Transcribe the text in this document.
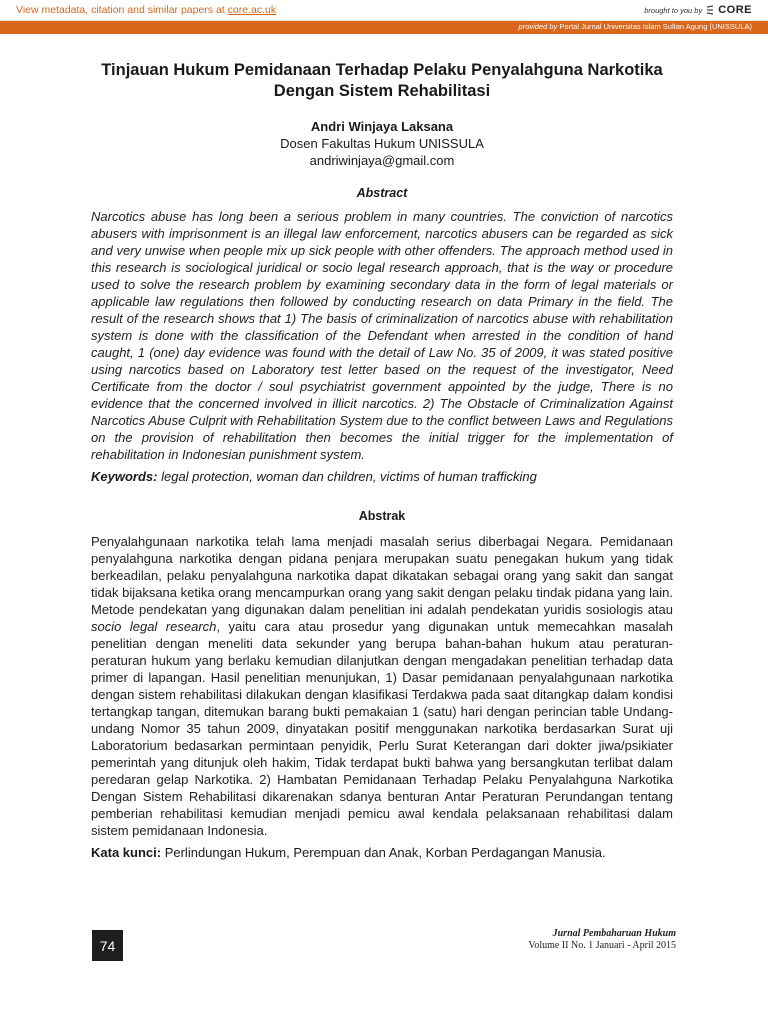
View metadata, citation and similar papers at core.ac.uk	brought to you by CORE
provided by Portal Jurnal Universitas Islam Sultan Agung (UNISSULA)
Tinjauan Hukum Pemidanaan Terhadap Pelaku Penyalahguna Narkotika Dengan Sistem Rehabilitasi
Andri Winjaya Laksana
Dosen Fakultas Hukum UNISSULA
andriwinjaya@gmail.com
Abstract
Narcotics abuse has long been a serious problem in many countries. The conviction of narcotics abusers with imprisonment is an illegal law enforcement, narcotics abusers can be regarded as sick and very unwise when people mix up sick people with other offenders. The approach method used in this research is sociological juridical or socio legal research approach, that is the way or procedure used to solve the research problem by examining secondary data in the form of legal materials or applicable law regulations then followed by conducting research on data Primary in the field. The result of the research shows that 1) The basis of criminalization of narcotics abuse with rehabilitation system is done with the classification of the Defendant when arrested in the condition of hand caught, 1 (one) day evidence was found with the detail of Law No. 35 of 2009, it was stated positive using narcotics based on Laboratory test letter based on the request of the investigator, Need Certificate from the doctor / soul psychiatrist government appointed by the judge, There is no evidence that the concerned involved in illicit narcotics. 2) The Obstacle of Criminalization Against Narcotics Abuse Culprit with Rehabilitation System due to the conflict between Laws and Regulations on the provision of rehabilitation then becomes the initial trigger for the implementation of rehabilitation in Indonesian punishment system.
Keywords: legal protection, woman dan children, victims of human trafficking
Abstrak
Penyalahgunaan narkotika telah lama menjadi masalah serius diberbagai Negara. Pemidanaan penyalahguna narkotika dengan pidana penjara merupakan suatu penegakan hukum yang tidak berkeadilan, pelaku penyalahguna narkotika dapat dikatakan sebagai orang yang sakit dan sangat tidak bijaksana ketika orang mencampurkan orang yang sakit dengan pelaku tindak pidana yang lain. Metode pendekatan yang digunakan dalam penelitian ini adalah pendekatan yuridis sosiologis atau socio legal research, yaitu cara atau prosedur yang digunakan untuk memecahkan masalah penelitian dengan meneliti data sekunder yang berupa bahan-bahan hukum atau peraturan-peraturan hukum yang berlaku kemudian dilanjutkan dengan mengadakan penelitian terhadap data primer di lapangan. Hasil penelitian menunjukan, 1) Dasar pemidanaan penyalahgunaan narkotika dengan sistem rehabilitasi dilakukan dengan klasifikasi Terdakwa pada saat ditangkap dalam kondisi tertangkap tangan, ditemukan barang bukti pemakaian 1 (satu) hari dengan perincian table Undang-undang Nomor 35 tahun 2009, dinyatakan positif menggunakan narkotika berdasarkan Surat uji Laboratorium bedasarkan permintaan penyidik, Perlu Surat Keterangan dari dokter jiwa/psikiater pemerintah yang ditunjuk oleh hakim, Tidak terdapat bukti bahwa yang bersangkutan terlibat dalam peredaran gelap Narkotika. 2) Hambatan Pemidanaan Terhadap Pelaku Penyalahguna Narkotika Dengan Sistem Rehabilitasi dikarenakan sdanya benturan Antar Peraturan Perundangan tentang pemberian rehabilitasi kemudian menjadi pemicu awal kendala pelaksanaan rehabilitasi dalam sistem pemidanaan Indonesia.
Kata kunci: Perlindungan Hukum, Perempuan dan Anak, Korban Perdagangan Manusia.
74
Jurnal Pembaharuan Hukum
Volume II No. 1 Januari - April 2015
